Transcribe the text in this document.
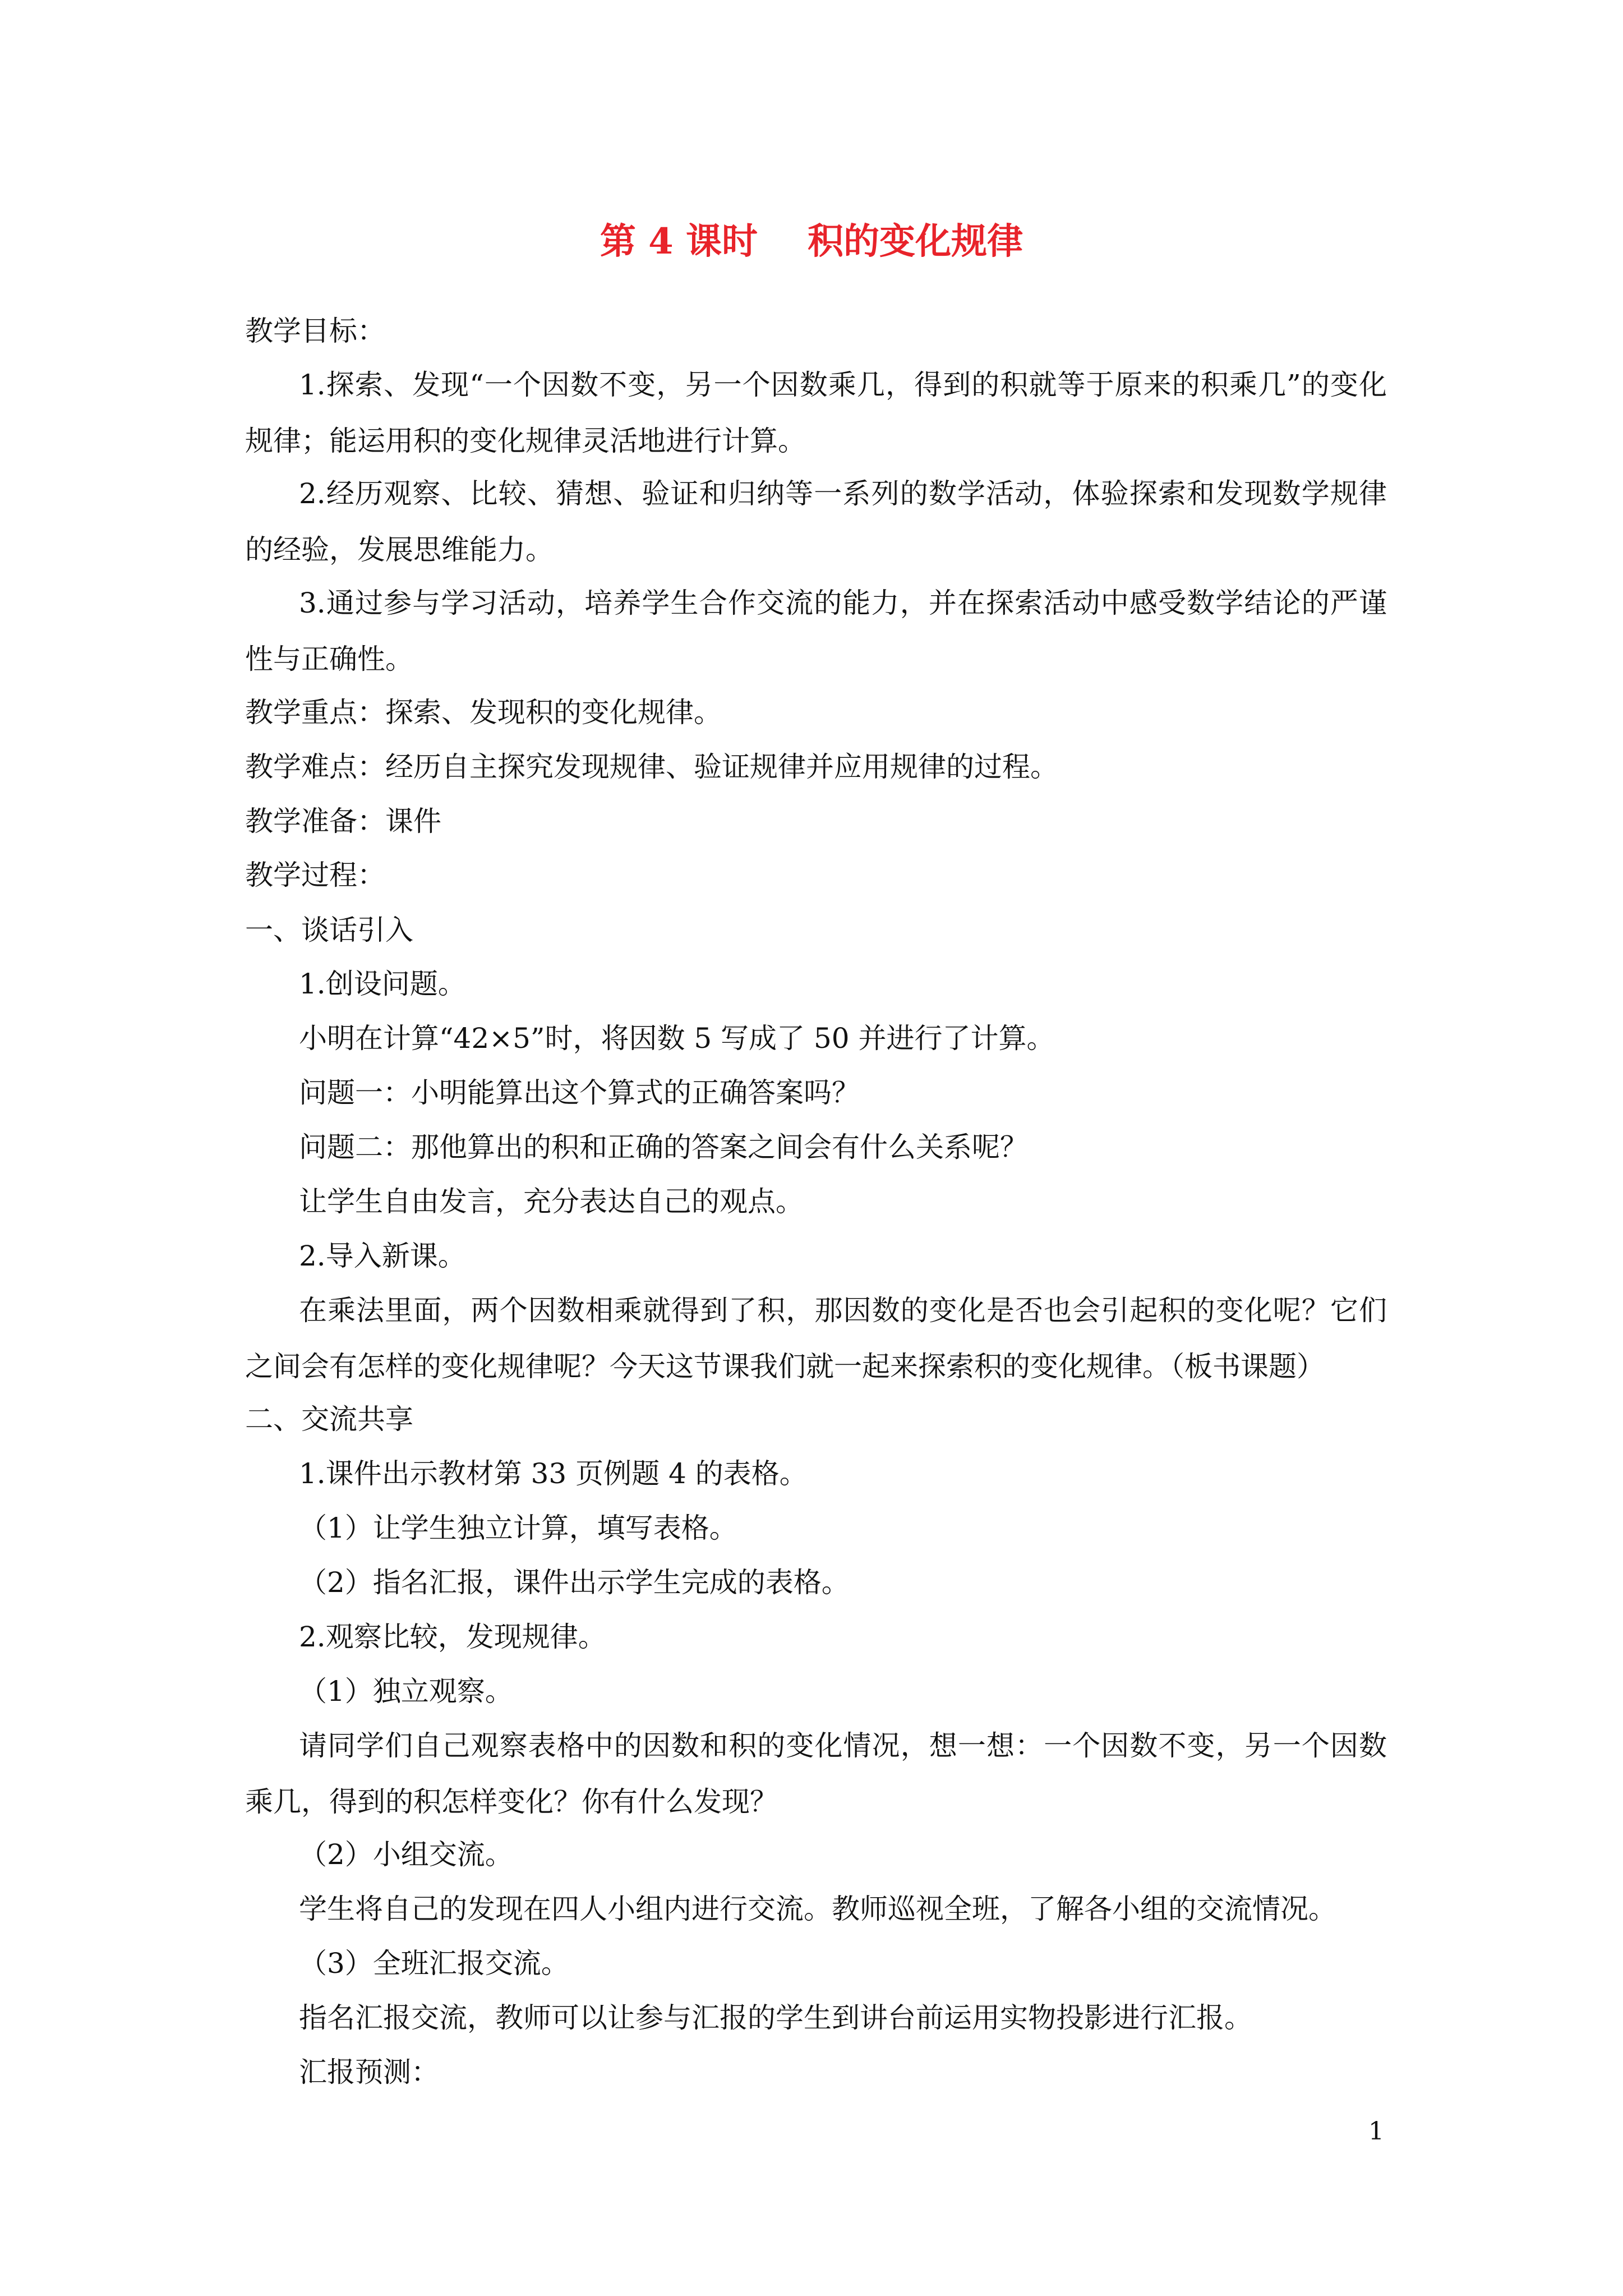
第 4 课时    积的变化规律
教学目标：
1.探索、发现“一个因数不变，另一个因数乘几，得到的积就等于原来的积乘几”的变化规律；能运用积的变化规律灵活地进行计算。
2.经历观察、比较、猜想、验证和归纳等一系列的数学活动，体验探索和发现数学规律的经验，发展思维能力。
3.通过参与学习活动，培养学生合作交流的能力，并在探索活动中感受数学结论的严谨性与正确性。
教学重点：探索、发现积的变化规律。
教学难点：经历自主探究发现规律、验证规律并应用规律的过程。
教学准备：课件
教学过程：
一、谈话引入
1.创设问题。
小明在计算“42×5”时，将因数 5 写成了 50 并进行了计算。
问题一：小明能算出这个算式的正确答案吗？
问题二：那他算出的积和正确的答案之间会有什么关系呢？
让学生自由发言，充分表达自己的观点。
2.导入新课。
在乘法里面，两个因数相乘就得到了积，那因数的变化是否也会引起积的变化呢？它们之间会有怎样的变化规律呢？今天这节课我们就一起来探索积的变化规律。（板书课题）
二、交流共享
1.课件出示教材第 33 页例题 4 的表格。
（1）让学生独立计算，填写表格。
（2）指名汇报，课件出示学生完成的表格。
2.观察比较，发现规律。
（1）独立观察。
请同学们自己观察表格中的因数和积的变化情况，想一想：一个因数不变，另一个因数乘几，得到的积怎样变化？你有什么发现？
（2）小组交流。
学生将自己的发现在四人小组内进行交流。教师巡视全班，了解各小组的交流情况。
（3）全班汇报交流。
指名汇报交流，教师可以让参与汇报的学生到讲台前运用实物投影进行汇报。
汇报预测：
1
